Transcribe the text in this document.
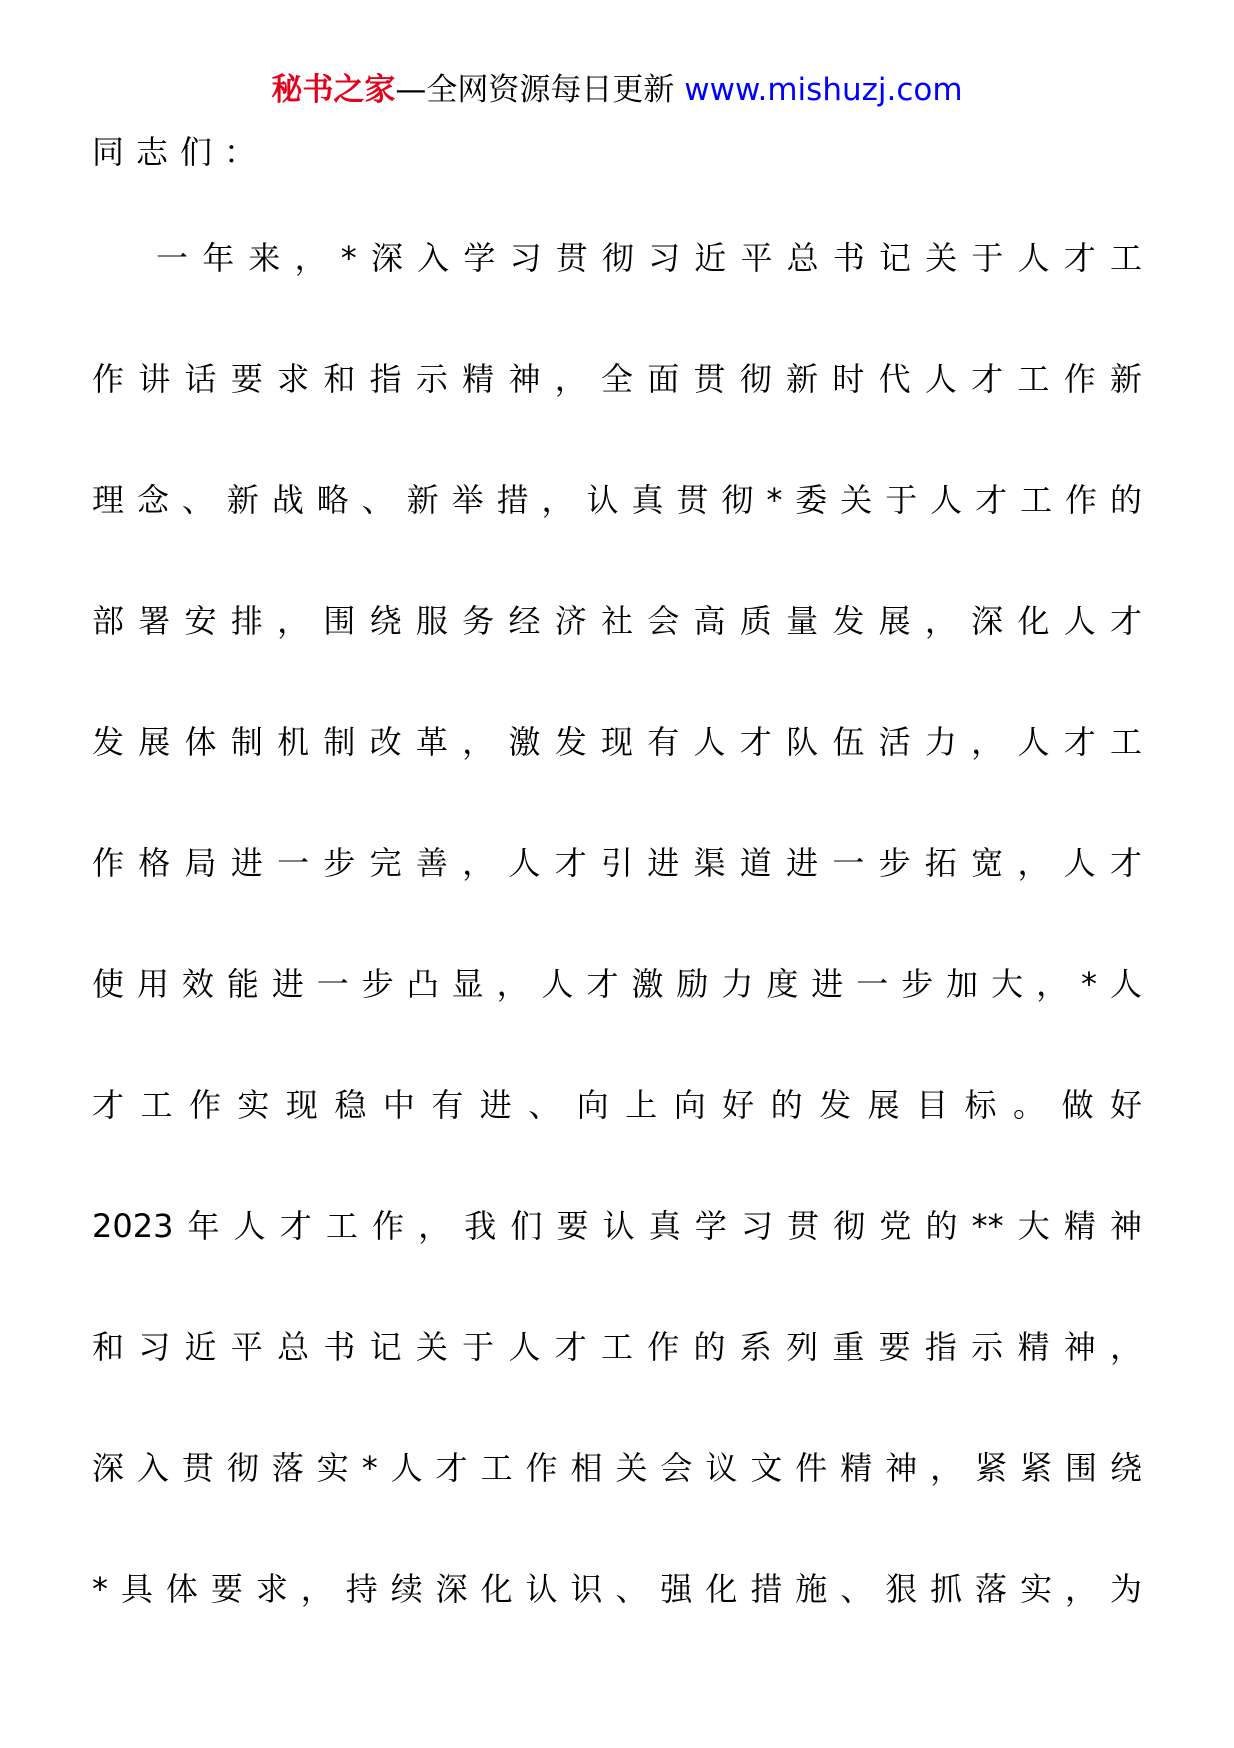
秘书之家—全网资源每日更新 www.mishuzj.com
同志们：
一年来，*深入学习贯彻习近平总书记关于人才工
作讲话要求和指示精神，全面贯彻新时代人才工作新
理念、新战略、新举措，认真贯彻*委关于人才工作的
部署安排，围绕服务经济社会高质量发展，深化人才
发展体制机制改革，激发现有人才队伍活力，人才工
作格局进一步完善，人才引进渠道进一步拓宽，人才
使用效能进一步凸显，人才激励力度进一步加大，*人
才工作实现稳中有进、向上向好的发展目标。做好
2023年人才工作，我们要认真学习贯彻党的**大精神
和习近平总书记关于人才工作的系列重要指示精神，
深入贯彻落实*人才工作相关会议文件精神，紧紧围绕
*具体要求，持续深化认识、强化措施、狠抓落实，为
